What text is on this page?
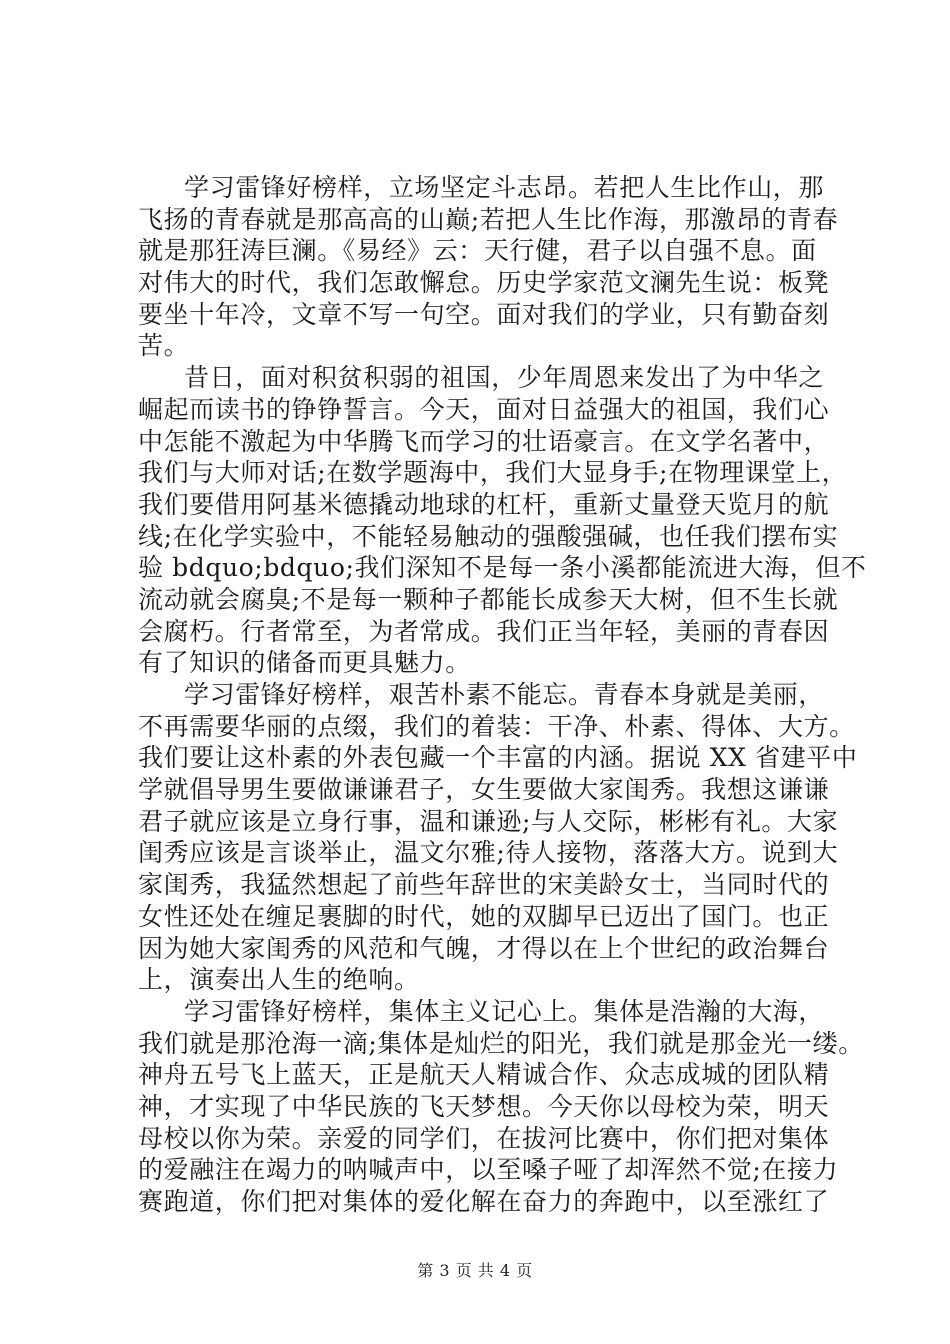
学习雷锋好榜样，立场坚定斗志昂。若把人生比作山，那
飞扬的青春就是那高高的山巅;若把人生比作海，那激昂的青春
就是那狂涛巨澜。《易经》云：天行健，君子以自强不息。面
对伟大的时代，我们怎敢懈怠。历史学家范文澜先生说：板凳
要坐十年冷，文章不写一句空。面对我们的学业，只有勤奋刻
苦。
昔日，面对积贫积弱的祖国，少年周恩来发出了为中华之
崛起而读书的铮铮誓言。今天，面对日益强大的祖国，我们心
中怎能不激起为中华腾飞而学习的壮语豪言。在文学名著中，
我们与大师对话;在数学题海中，我们大显身手;在物理课堂上，
我们要借用阿基米德撬动地球的杠杆，重新丈量登天览月的航
线;在化学实验中，不能轻易触动的强酸强碱，也任我们摆布实
验 bdquo;bdquo;我们深知不是每一条小溪都能流进大海，但不
流动就会腐臭;不是每一颗种子都能长成参天大树，但不生长就
会腐朽。行者常至，为者常成。我们正当年轻，美丽的青春因
有了知识的储备而更具魅力。
学习雷锋好榜样，艰苦朴素不能忘。青春本身就是美丽，
不再需要华丽的点缀，我们的着装：干净、朴素、得体、大方。
我们要让这朴素的外表包藏一个丰富的内涵。据说 XX 省建平中
学就倡导男生要做谦谦君子，女生要做大家闺秀。我想这谦谦
君子就应该是立身行事，温和谦逊;与人交际，彬彬有礼。大家
闺秀应该是言谈举止，温文尔雅;待人接物，落落大方。说到大
家闺秀，我猛然想起了前些年辞世的宋美龄女士，当同时代的
女性还处在缠足裹脚的时代，她的双脚早已迈出了国门。也正
因为她大家闺秀的风范和气魄，才得以在上个世纪的政治舞台
上，演奏出人生的绝响。
学习雷锋好榜样，集体主义记心上。集体是浩瀚的大海，
我们就是那沧海一滴;集体是灿烂的阳光，我们就是那金光一缕。
神舟五号飞上蓝天，正是航天人精诚合作、众志成城的团队精
神，才实现了中华民族的飞天梦想。今天你以母校为荣，明天
母校以你为荣。亲爱的同学们，在拔河比赛中，你们把对集体
的爱融注在竭力的呐喊声中，以至嗓子哑了却浑然不觉;在接力
赛跑道，你们把对集体的爱化解在奋力的奔跑中，以至涨红了
第 3 页 共 4 页
